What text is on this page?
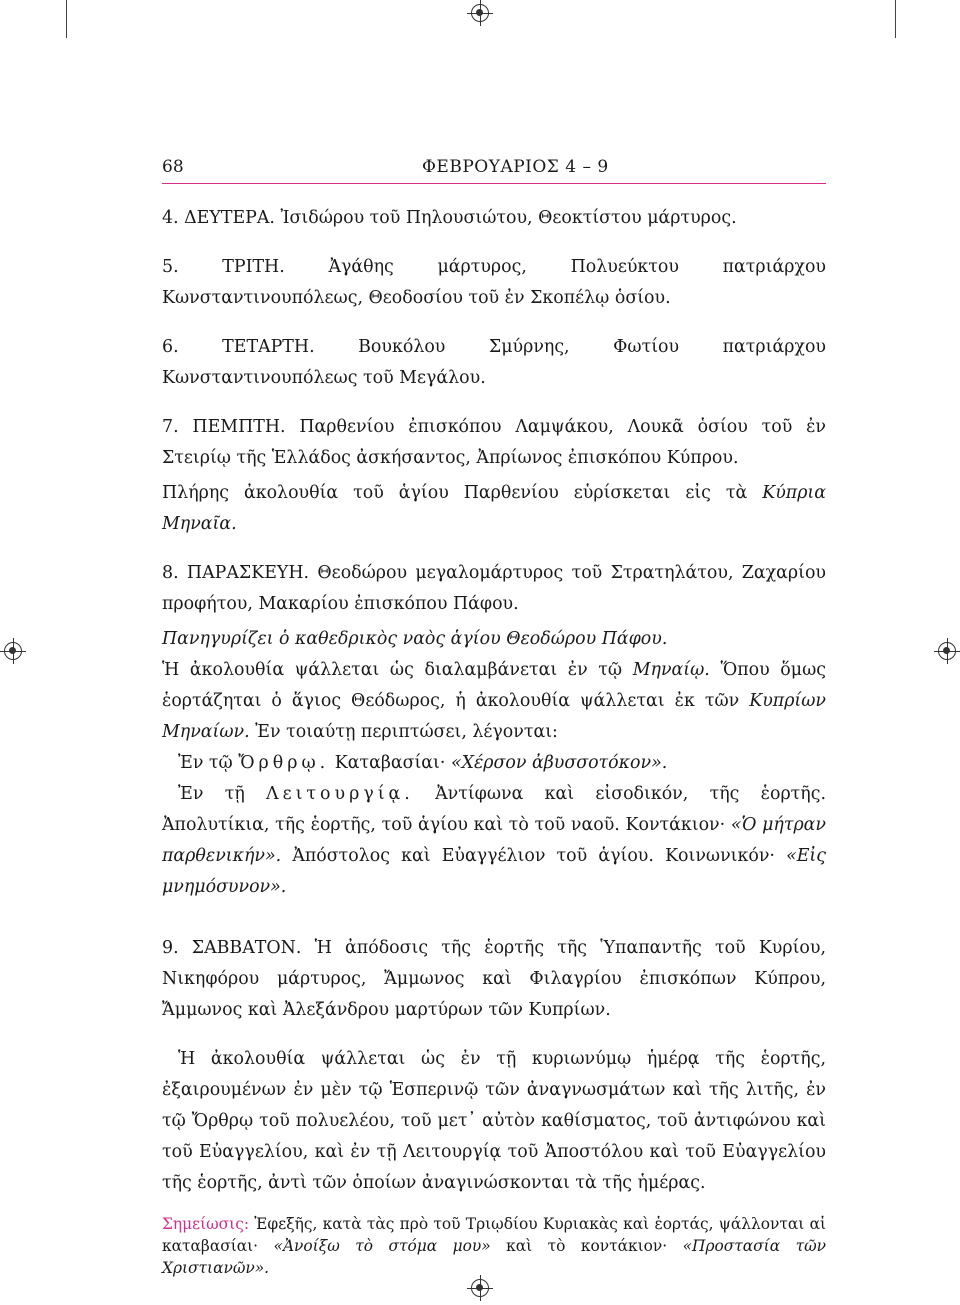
68	ΦΕΒΡΟΥΑΡΙΟΣ 4 – 9

4. ΔΕΥΤΕΡΑ. Ἰσιδώρου τοῦ Πηλουσιώτου, Θεοκτίστου μάρτυρος.

5. ΤΡΙΤΗ.	Ἀγάθης μάρτυρος, Πολυεύκτου πατριάρχου Κωνσταντινουπόλεως, Θεοδοσίου τοῦ ἐν Σκοπέλῳ ὁσίου.

6. ΤΕΤΑΡΤΗ.	Βουκόλου Σμύρνης, Φωτίου πατριάρχου Κωνσταντινουπόλεως τοῦ Μεγάλου.

7. ΠΕΜΠΤΗ. Παρθενίου ἐπισκόπου Λαμψάκου, Λουκᾶ ὁσίου τοῦ ἐν Στειρίῳ τῆς Ἑλλάδος ἀσκήσαντος, Ἀπρίωνος ἐπισκόπου Κύπρου.

Πλήρης ἀκολουθία τοῦ ἁγίου Παρθενίου εὑρίσκεται εἰς τὰ Κύπρια Μηναῖα.

8. ΠΑΡΑΣΚΕΥΗ. Θεοδώρου μεγαλομάρτυρος τοῦ Στρατηλάτου, Ζαχαρίου προφήτου, Μακαρίου ἐπισκόπου Πάφου.

Πανηγυρίζει ὁ καθεδρικὸς ναὸς ἁγίου Θεοδώρου Πάφου.

Ἡ ἀκολουθία ψάλλεται ὡς διαλαμβάνεται ἐν τῷ Μηναίῳ. Ὅπου ὅμως ἑορτάζηται ὁ ἅγιος Θεόδωρος, ἡ ἀκολουθία ψάλλεται ἐκ τῶν Κυπρίων Μηναίων. Ἐν τοιαύτῃ περιπτώσει, λέγονται:

Ἐν τῷ Ὄρθρῳ. Καταβασίαι· «Χέρσον ἀβυσσοτόκον».

Ἐν τῇ Λειτουργίᾳ. Ἀντίφωνα καὶ εἰσοδικόν, τῆς ἑορτῆς. Ἀπολυτίκια, τῆς ἑορτῆς, τοῦ ἁγίου καὶ τὸ τοῦ ναοῦ. Κοντάκιον· «Ὁ μήτραν παρθενικήν». Ἀπόστολος καὶ Εὐαγγέλιον τοῦ ἁγίου. Κοινωνικόν· «Εἰς μνημόσυνον».

9. ΣΑΒΒΑΤΟΝ. Ἡ ἀπόδοσις τῆς ἑορτῆς τῆς Ὑπαπαντῆς τοῦ Κυρίου, Νικηφόρου μάρτυρος, Ἄμμωνος καὶ Φιλαγρίου ἐπισκόπων Κύπρου, Ἄμμωνος καὶ Ἀλεξάνδρου μαρτύρων τῶν Κυπρίων.

Ἡ ἀκολουθία ψάλλεται ὡς ἐν τῇ κυριωνύμῳ ἡμέρᾳ τῆς ἑορτῆς, ἐξαιρουμένων ἐν μὲν τῷ Ἑσπερινῷ τῶν ἀναγνωσμάτων καὶ τῆς λιτῆς, ἐν τῷ Ὄρθρῳ τοῦ πολυελέου, τοῦ μετ᾽ αὐτὸν καθίσματος, τοῦ ἀντιφώνου καὶ τοῦ Εὐαγγελίου, καὶ ἐν τῇ Λειτουργίᾳ τοῦ Ἀποστόλου καὶ τοῦ Εὐαγγελίου τῆς ἑορτῆς, ἀντὶ τῶν ὁποίων ἀναγινώσκονται τὰ τῆς ἡμέρας.

Σημείωσις: Ἐφεξῆς, κατὰ τὰς πρὸ τοῦ Τριῳδίου Κυριακὰς καὶ ἑορτάς, ψάλλονται αἱ καταβασίαι· «Ἀνοίξω τὸ στόμα μου» καὶ τὸ κοντάκιον· «Προστασία τῶν Χριστιανῶν».
